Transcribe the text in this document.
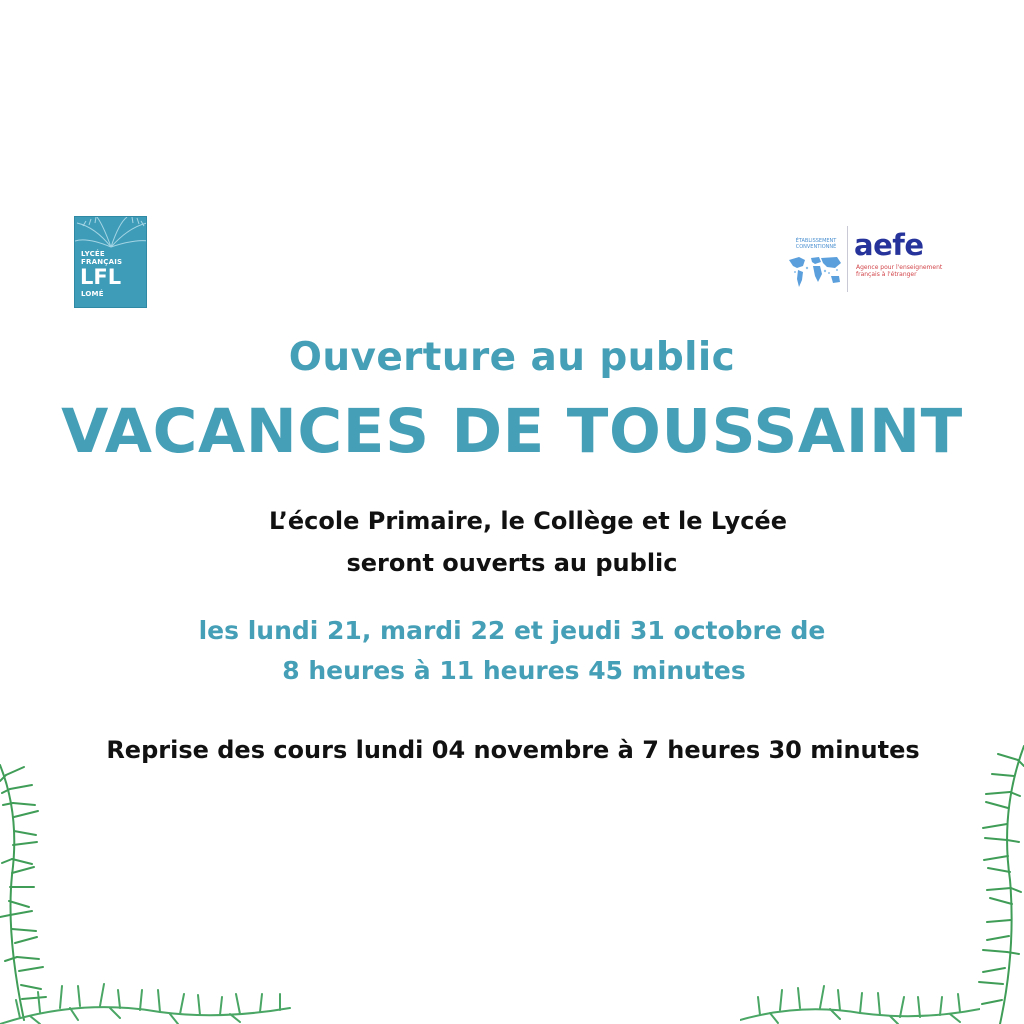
LYCÉE
FRANÇAIS
LFL
LOMÉ
ÉTABLISSEMENT CONVENTIONNÉ aefe
Agence pour l'enseignement français à l'étranger
Ouverture au public
VACANCES DE TOUSSAINT
L’école Primaire, le Collège et le Lycée
seront ouverts au public
les lundi 21, mardi 22 et jeudi 31 octobre de
8 heures à 11 heures 45 minutes
Reprise des cours lundi 04 novembre à 7 heures 30 minutes
